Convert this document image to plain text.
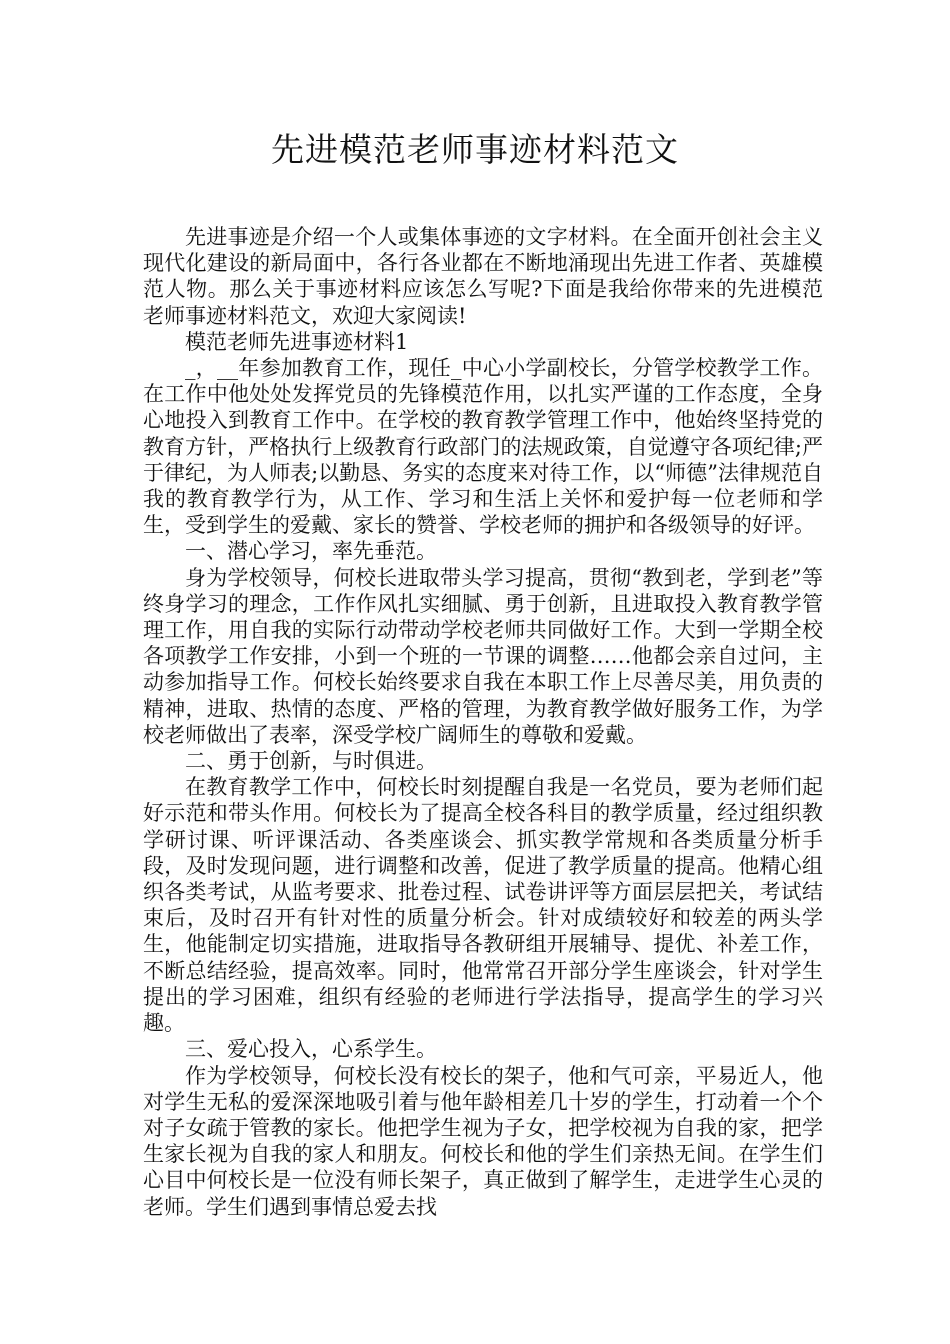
先进模范老师事迹材料范文

先进事迹是介绍一个人或集体事迹的文字材料。在全面开创社会主义现代化建设的新局面中，各行各业都在不断地涌现出先进工作者、英雄模范人物。那么关于事迹材料应该怎么写呢?下面是我给你带来的先进模范老师事迹材料范文，欢迎大家阅读!

模范老师先进事迹材料1

_，__年参加教育工作，现任_中心小学副校长，分管学校教学工作。在工作中他处处发挥党员的先锋模范作用，以扎实严谨的工作态度，全身心地投入到教育工作中。在学校的教育教学管理工作中，他始终坚持党的教育方针，严格执行上级教育行政部门的法规政策，自觉遵守各项纪律;严于律纪，为人师表;以勤恳、务实的态度来对待工作，以“师德”法律规范自我的教育教学行为，从工作、学习和生活上关怀和爱护每一位老师和学生，受到学生的爱戴、家长的赞誉、学校老师的拥护和各级领导的好评。

一、潜心学习，率先垂范。

身为学校领导，何校长进取带头学习提高，贯彻“教到老，学到老”等终身学习的理念，工作作风扎实细腻、勇于创新，且进取投入教育教学管理工作，用自我的实际行动带动学校老师共同做好工作。大到一学期全校各项教学工作安排，小到一个班的一节课的调整……他都会亲自过问，主动参加指导工作。何校长始终要求自我在本职工作上尽善尽美，用负责的精神，进取、热情的态度、严格的管理，为教育教学做好服务工作，为学校老师做出了表率，深受学校广阔师生的尊敬和爱戴。

二、勇于创新，与时俱进。

在教育教学工作中，何校长时刻提醒自我是一名党员，要为老师们起好示范和带头作用。何校长为了提高全校各科目的教学质量，经过组织教学研讨课、听评课活动、各类座谈会、抓实教学常规和各类质量分析手段，及时发现问题，进行调整和改善，促进了教学质量的提高。他精心组织各类考试，从监考要求、批卷过程、试卷讲评等方面层层把关，考试结束后，及时召开有针对性的质量分析会。针对成绩较好和较差的两头学生，他能制定切实措施，进取指导各教研组开展辅导、提优、补差工作，不断总结经验，提高效率。同时，他常常召开部分学生座谈会，针对学生提出的学习困难，组织有经验的老师进行学法指导，提高学生的学习兴趣。

三、爱心投入，心系学生。

作为学校领导，何校长没有校长的架子，他和气可亲，平易近人，他对学生无私的爱深深地吸引着与他年龄相差几十岁的学生，打动着一个个对子女疏于管教的家长。他把学生视为子女，把学校视为自我的家，把学生家长视为自我的家人和朋友。何校长和他的学生们亲热无间。在学生们心目中何校长是一位没有师长架子，真正做到了解学生，走进学生心灵的老师。学生们遇到事情总爱去找
